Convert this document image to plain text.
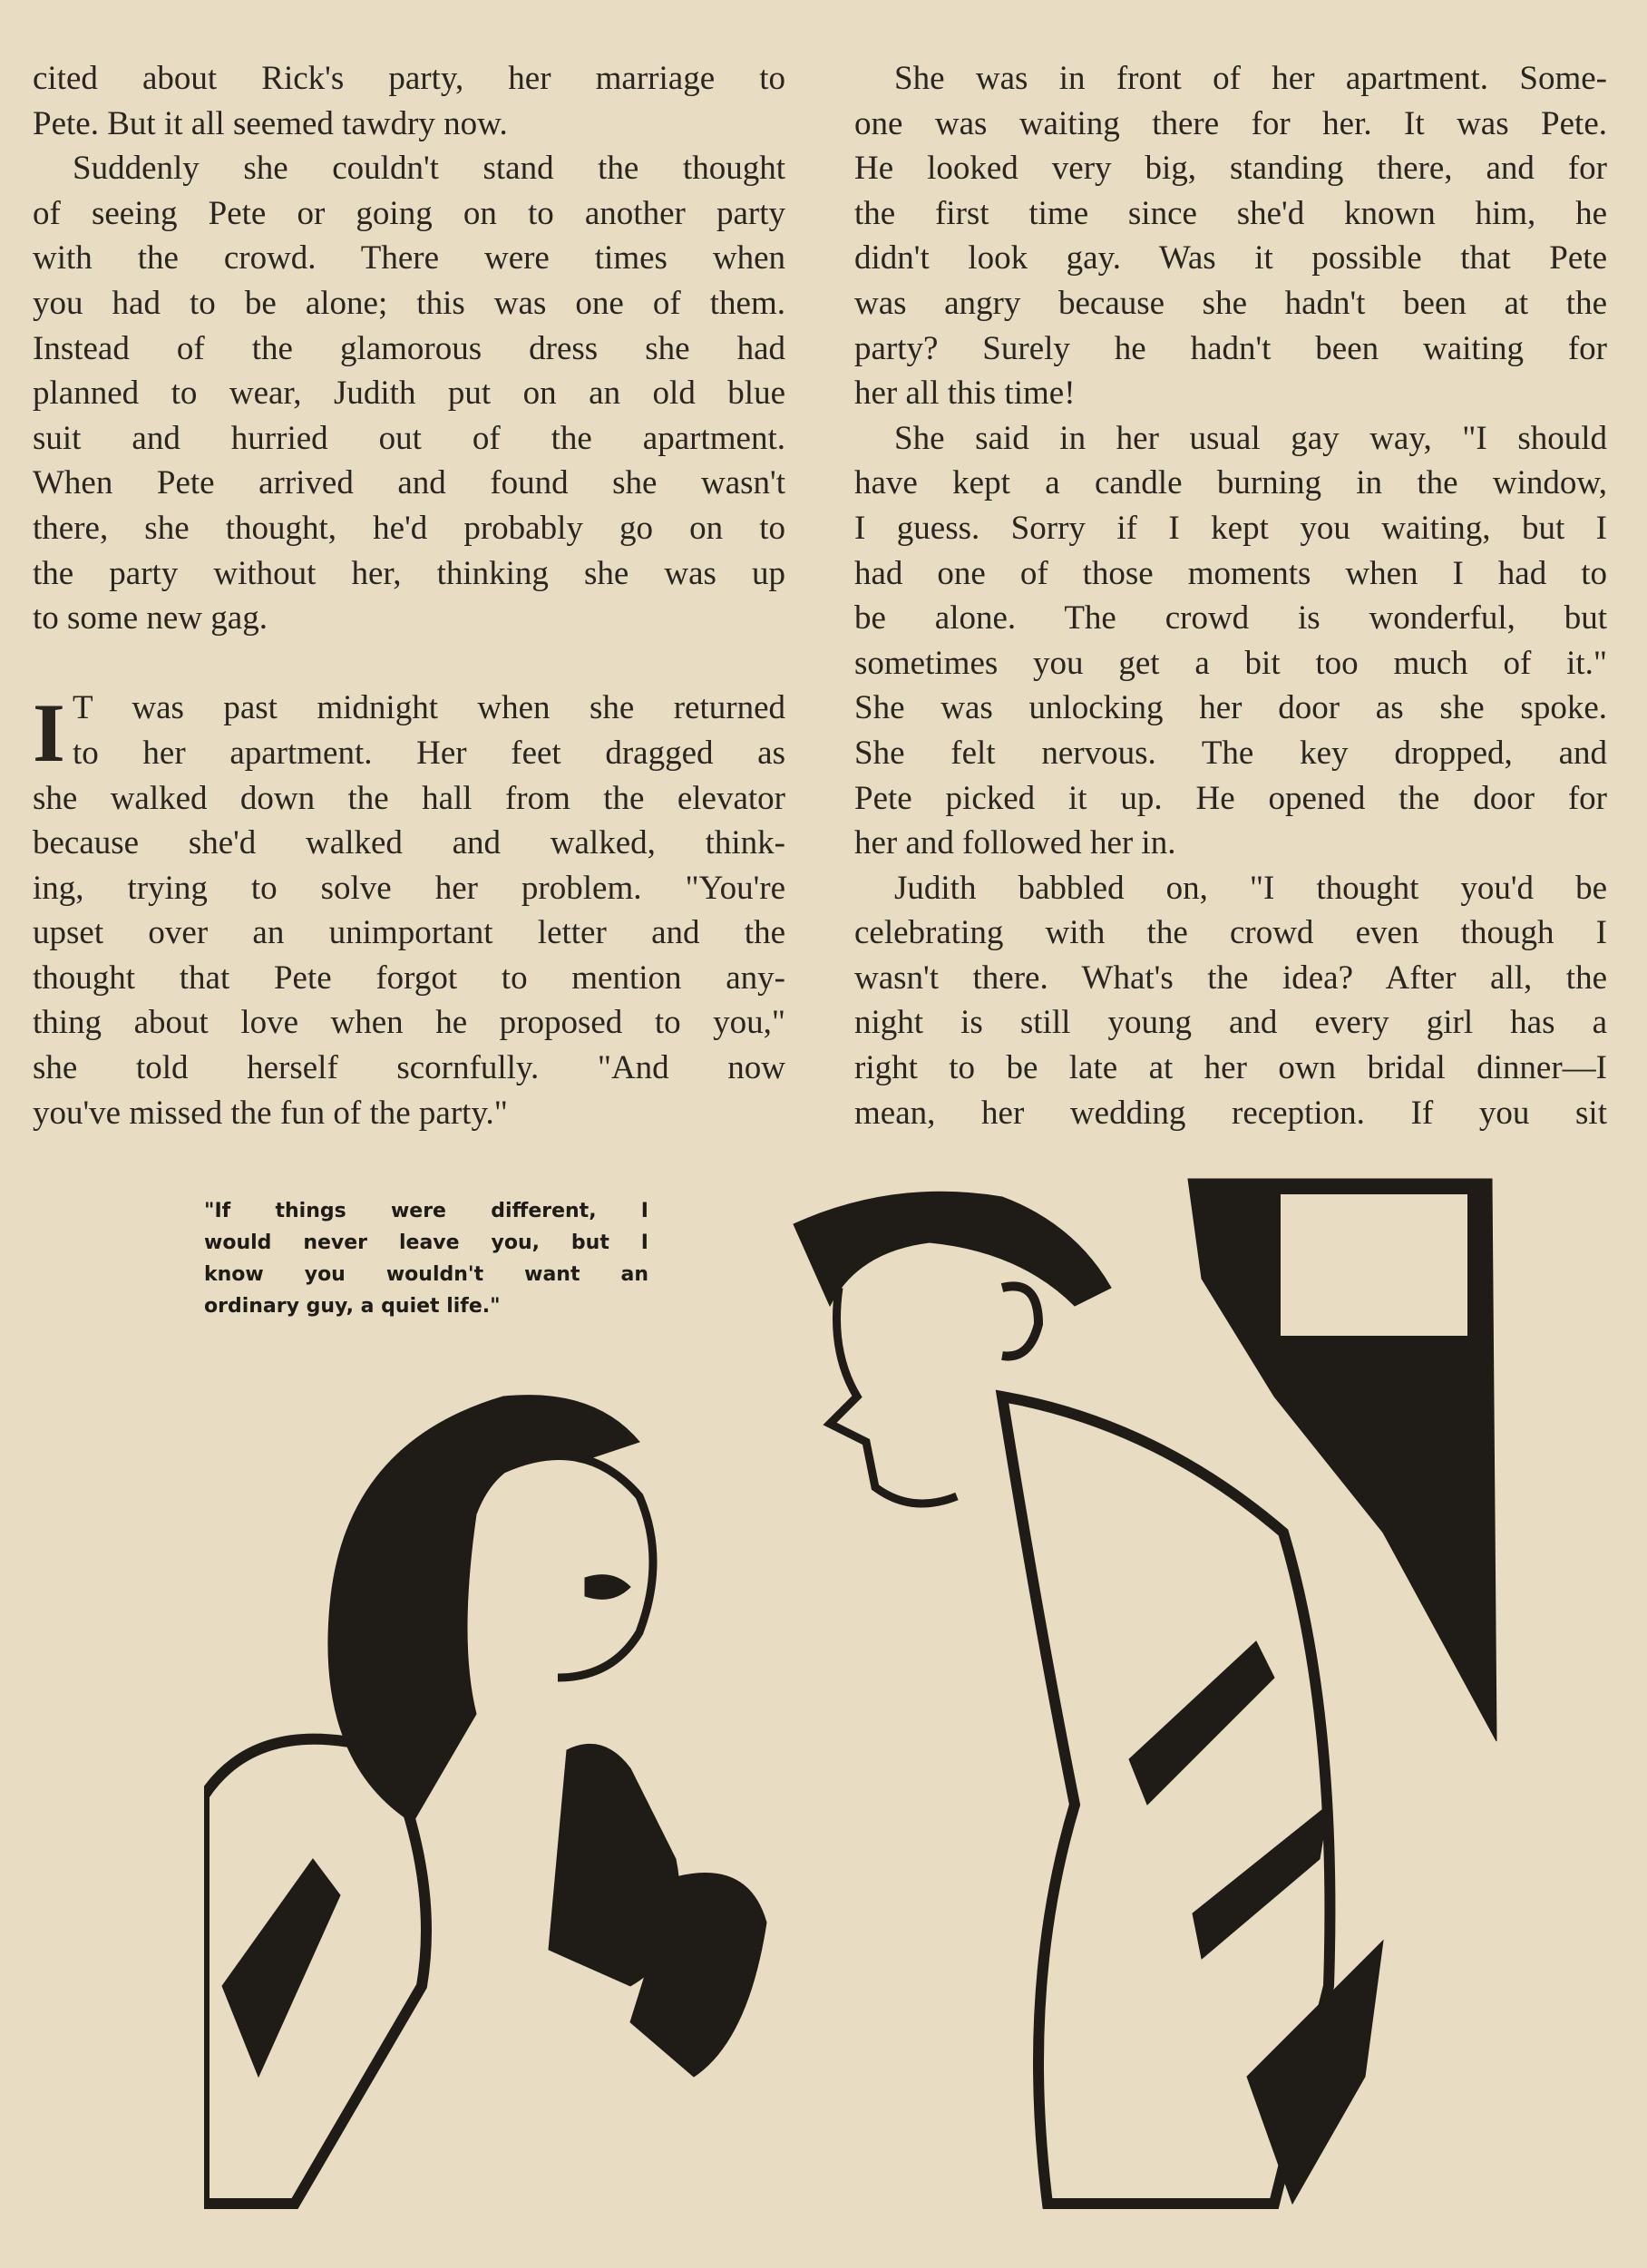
cited about Rick's party, her marriage to
Pete. But it all seemed tawdry now.
Suddenly she couldn't stand the thought
of seeing Pete or going on to another party
with the crowd. There were times when
you had to be alone; this was one of them.
Instead of the glamorous dress she had
planned to wear, Judith put on an old blue
suit and hurried out of the apartment.
When Pete arrived and found she wasn't
there, she thought, he'd probably go on to
the party without her, thinking she was up
to some new gag.
I T was past midnight when she returned
to her apartment. Her feet dragged as
she walked down the hall from the elevator
because she'd walked and walked, think-
ing, trying to solve her problem. "You're
upset over an unimportant letter and the
thought that Pete forgot to mention any-
thing about love when he proposed to you,"
she told herself scornfully. "And now
you've missed the fun of the party."
She was in front of her apartment. Some-
one was waiting there for her. It was Pete.
He looked very big, standing there, and for
the first time since she'd known him, he
didn't look gay. Was it possible that Pete
was angry because she hadn't been at the
party? Surely he hadn't been waiting for
her all this time!
She said in her usual gay way, "I should
have kept a candle burning in the window,
I guess. Sorry if I kept you waiting, but I
had one of those moments when I had to
be alone. The crowd is wonderful, but
sometimes you get a bit too much of it."
She was unlocking her door as she spoke.
She felt nervous. The key dropped, and
Pete picked it up. He opened the door for
her and followed her in.
Judith babbled on, "I thought you'd be
celebrating with the crowd even though I
wasn't there. What's the idea? After all, the
night is still young and every girl has a
right to be late at her own bridal dinner—I
mean, her wedding reception. If you sit
"If things were different, I
would never leave you, but I
know you wouldn't want an
ordinary guy, a quiet life."
